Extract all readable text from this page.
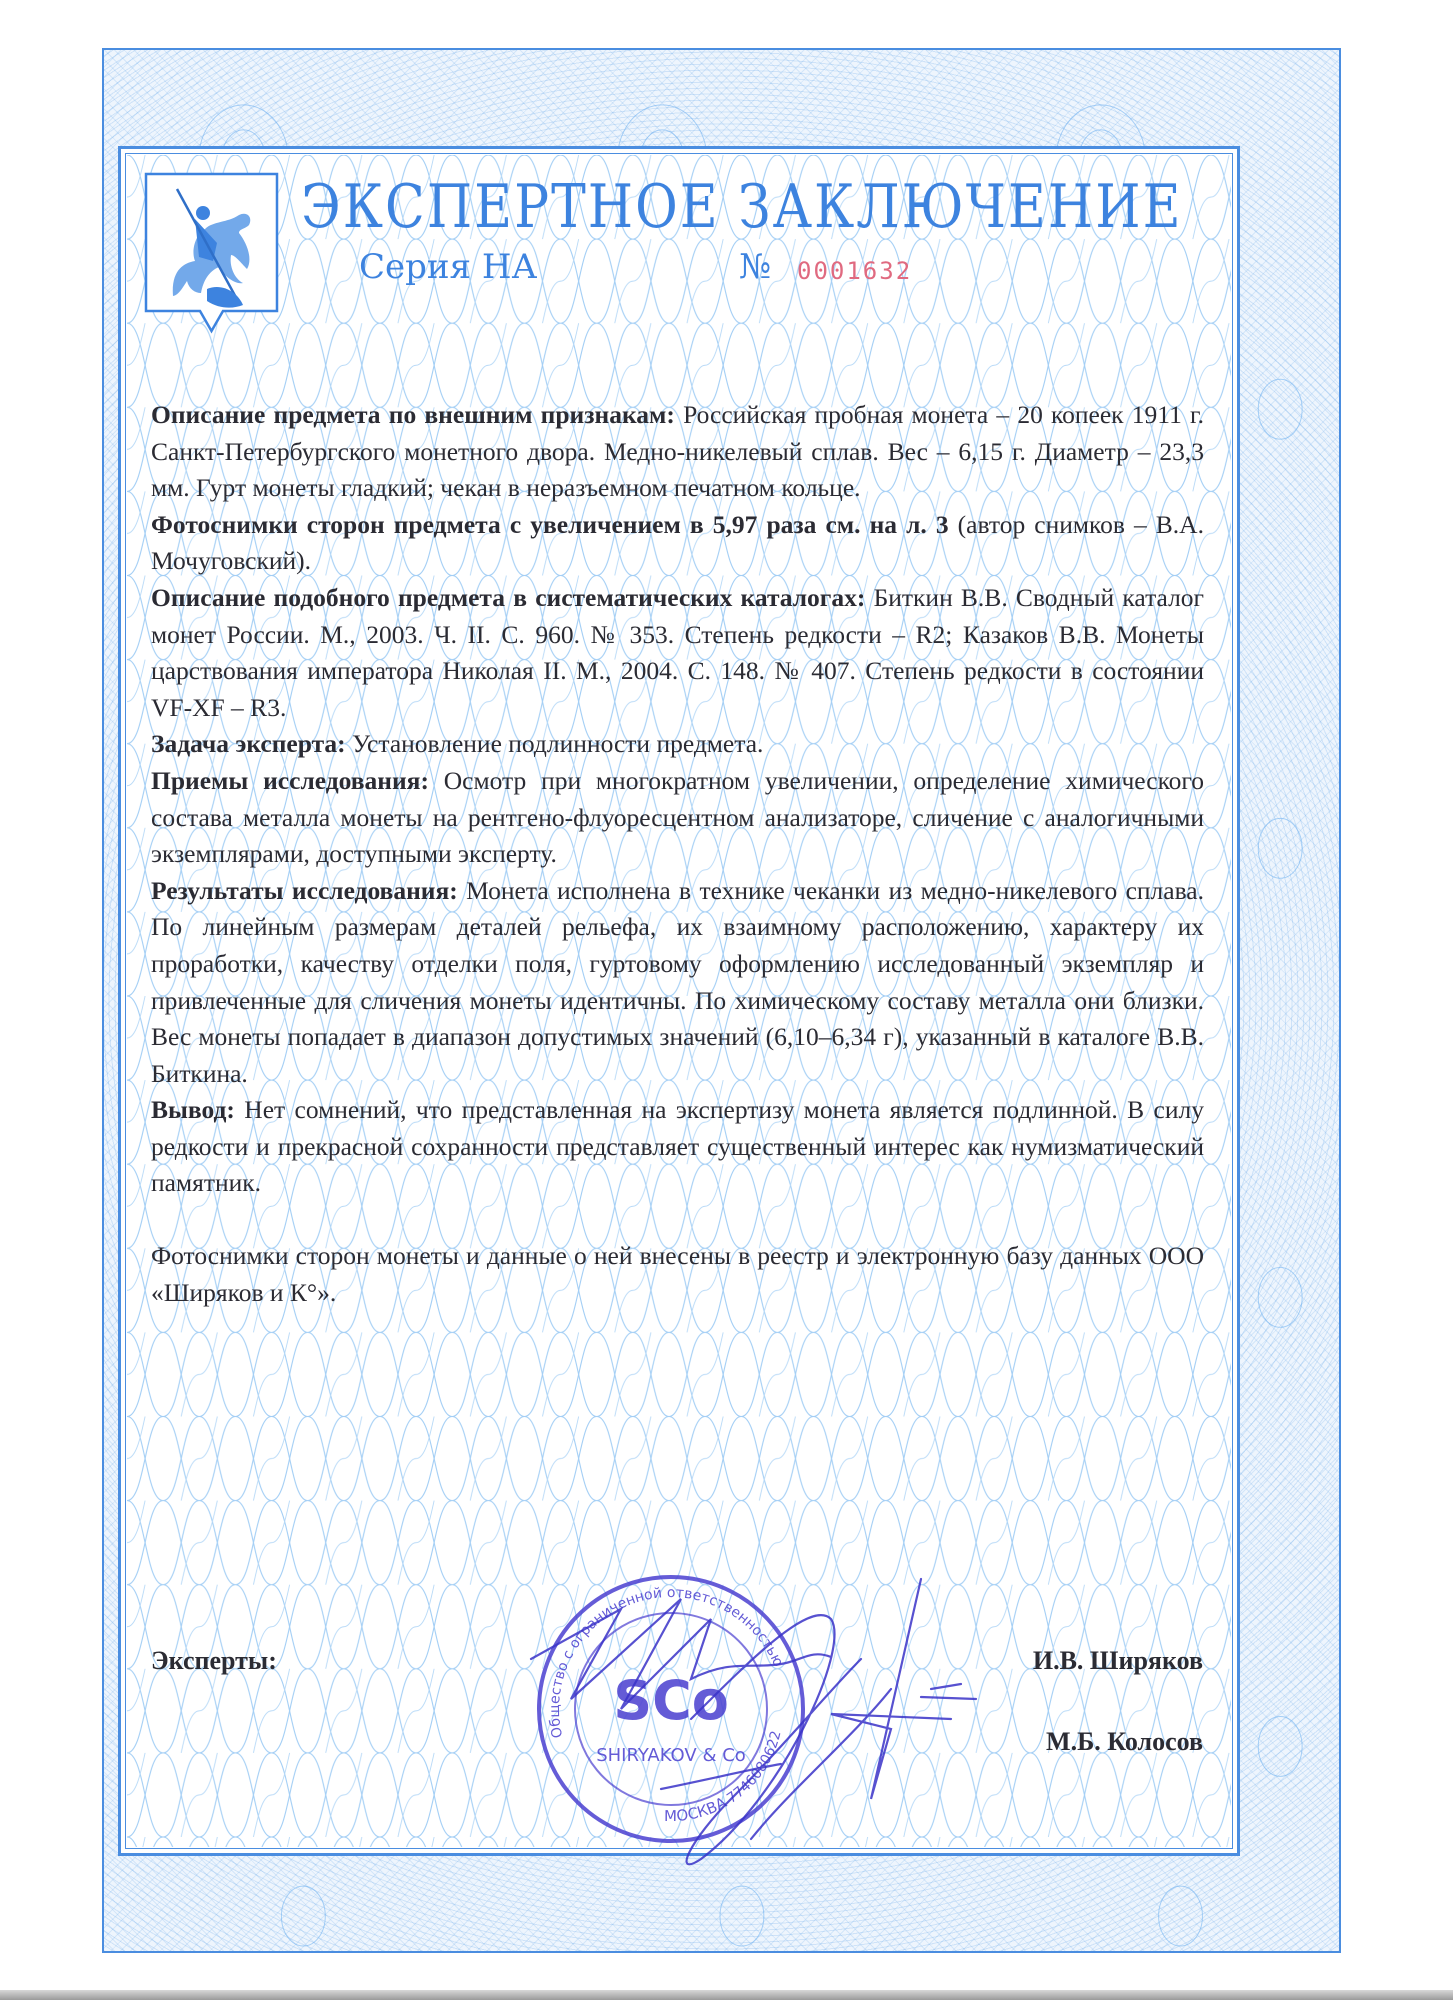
ЭКСПЕРТНОЕ ЗАКЛЮЧЕНИЕ
Серия НА	№ 0001632

Описание предмета по внешним признакам: Российская пробная монета – 20 копеек 1911 г. Санкт-Петербургского монетного двора. Медно-никелевый сплав. Вес – 6,15 г. Диаметр – 23,3 мм. Гурт монеты гладкий; чекан в неразъемном печатном кольце.

Фотоснимки сторон предмета с увеличением в 5,97 раза см. на л. 3 (автор снимков – В.А. Мочуговский).

Описание подобного предмета в систематических каталогах: Биткин В.В. Сводный каталог монет России. М., 2003. Ч. II. С. 960. № 353. Степень редкости – R2; Казаков В.В. Монеты царствования императора Николая II. М., 2004. С. 148. № 407. Степень редкости в состоянии VF-XF – R3.

Задача эксперта: Установление подлинности предмета.

Приемы исследования: Осмотр при многократном увеличении, определение химического состава металла монеты на рентгено-флуоресцентном анализаторе, сличение с аналогичными экземплярами, доступными эксперту.

Результаты исследования: Монета исполнена в технике чеканки из медно-никелевого сплава. По линейным размерам деталей рельефа, их взаимному расположению, характеру их проработки, качеству отделки поля, гуртовому оформлению исследованный экземпляр и привлеченные для сличения монеты идентичны. По химическому составу металла они близки. Вес монеты попадает в диапазон допустимых значений (6,10–6,34 г), указанный в каталоге В.В. Биткина.

Вывод: Нет сомнений, что представленная на экспертизу монета является подлинной. В силу редкости и прекрасной сохранности представляет существенный интерес как нумизматический памятник.

Фотоснимки сторон монеты и данные о ней внесены в реестр и электронную базу данных ООО «Ширяков и К°».

Эксперты:	И.В. Ширяков
М.Б. Колосов
Общество с ограниченной ответственностью
МОСКВА
7746080622
SCo
SHIRYAKOV & Co
